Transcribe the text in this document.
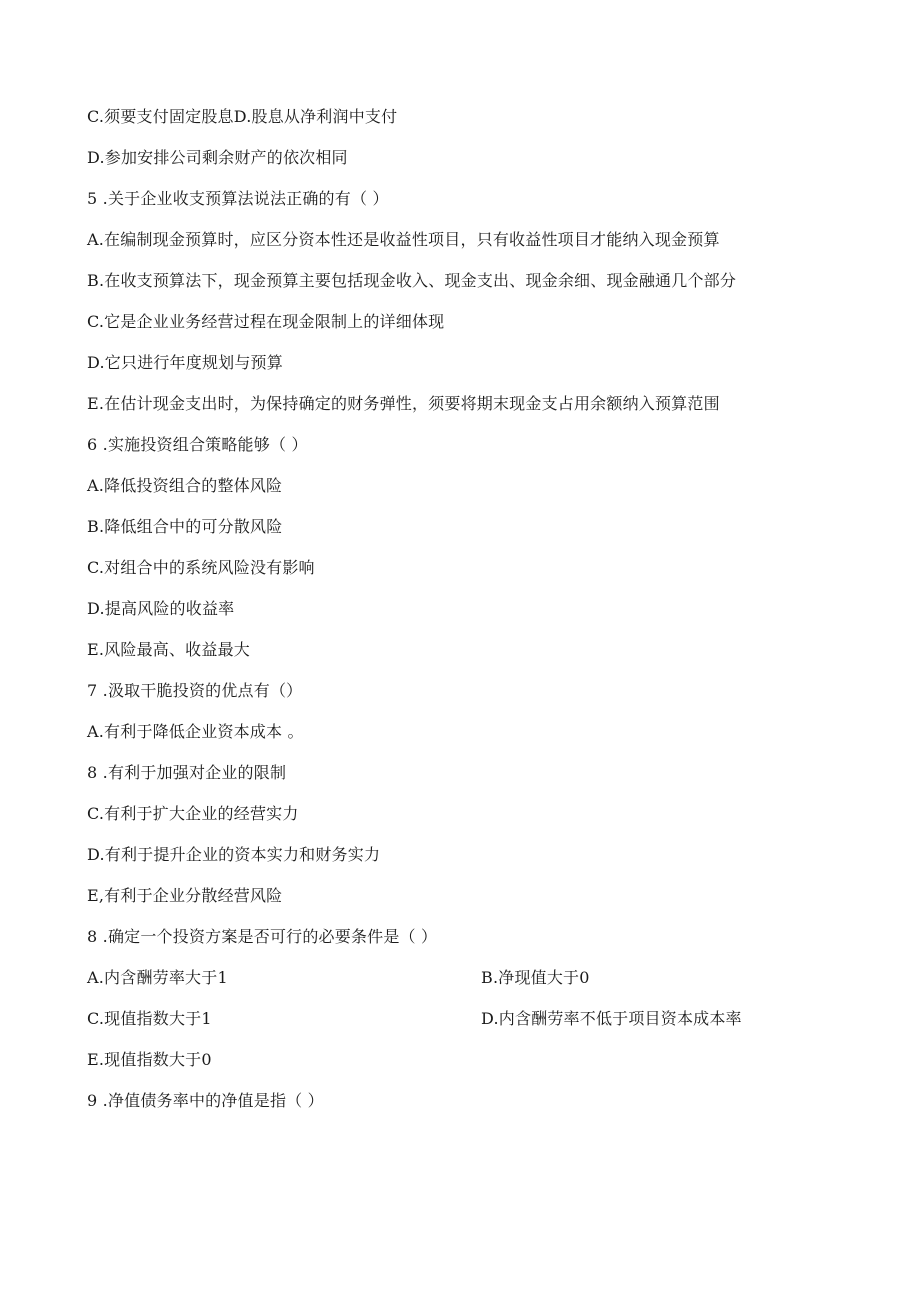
C.须要支付固定股息D.股息从净利润中支付
D.参加安排公司剩余财产的依次相同
5 .关于企业收支预算法说法正确的有（ ）
A.在编制现金预算时，应区分资本性还是收益性项目，只有收益性项目才能纳入现金预算
B.在收支预算法下，现金预算主要包括现金收入、现金支出、现金余细、现金融通几个部分
C.它是企业业务经营过程在现金限制上的详细体现
D.它只进行年度规划与预算
E.在估计现金支出时，为保持确定的财务弹性，须要将期末现金支占用余额纳入预算范围
6 .实施投资组合策略能够（ ）
A.降低投资组合的整体风险
B.降低组合中的可分散风险
C.对组合中的系统风险没有影响
D.提高风险的收益率
E.风险最高、收益最大
7 .汲取干脆投资的优点有（）
A.有利于降低企业资本成本 。
8 .有利于加强对企业的限制
C.有利于扩大企业的经营实力
D.有利于提升企业的资本实力和财务实力
E,有利于企业分散经营风险
8 .确定一个投资方案是否可行的必要条件是（ ）
A.内含酬劳率大于1	B.净现值大于0
C.现值指数大于1	D.内含酬劳率不低于项目资本成本率
E.现值指数大于0
9 .净值债务率中的净值是指（ ）
